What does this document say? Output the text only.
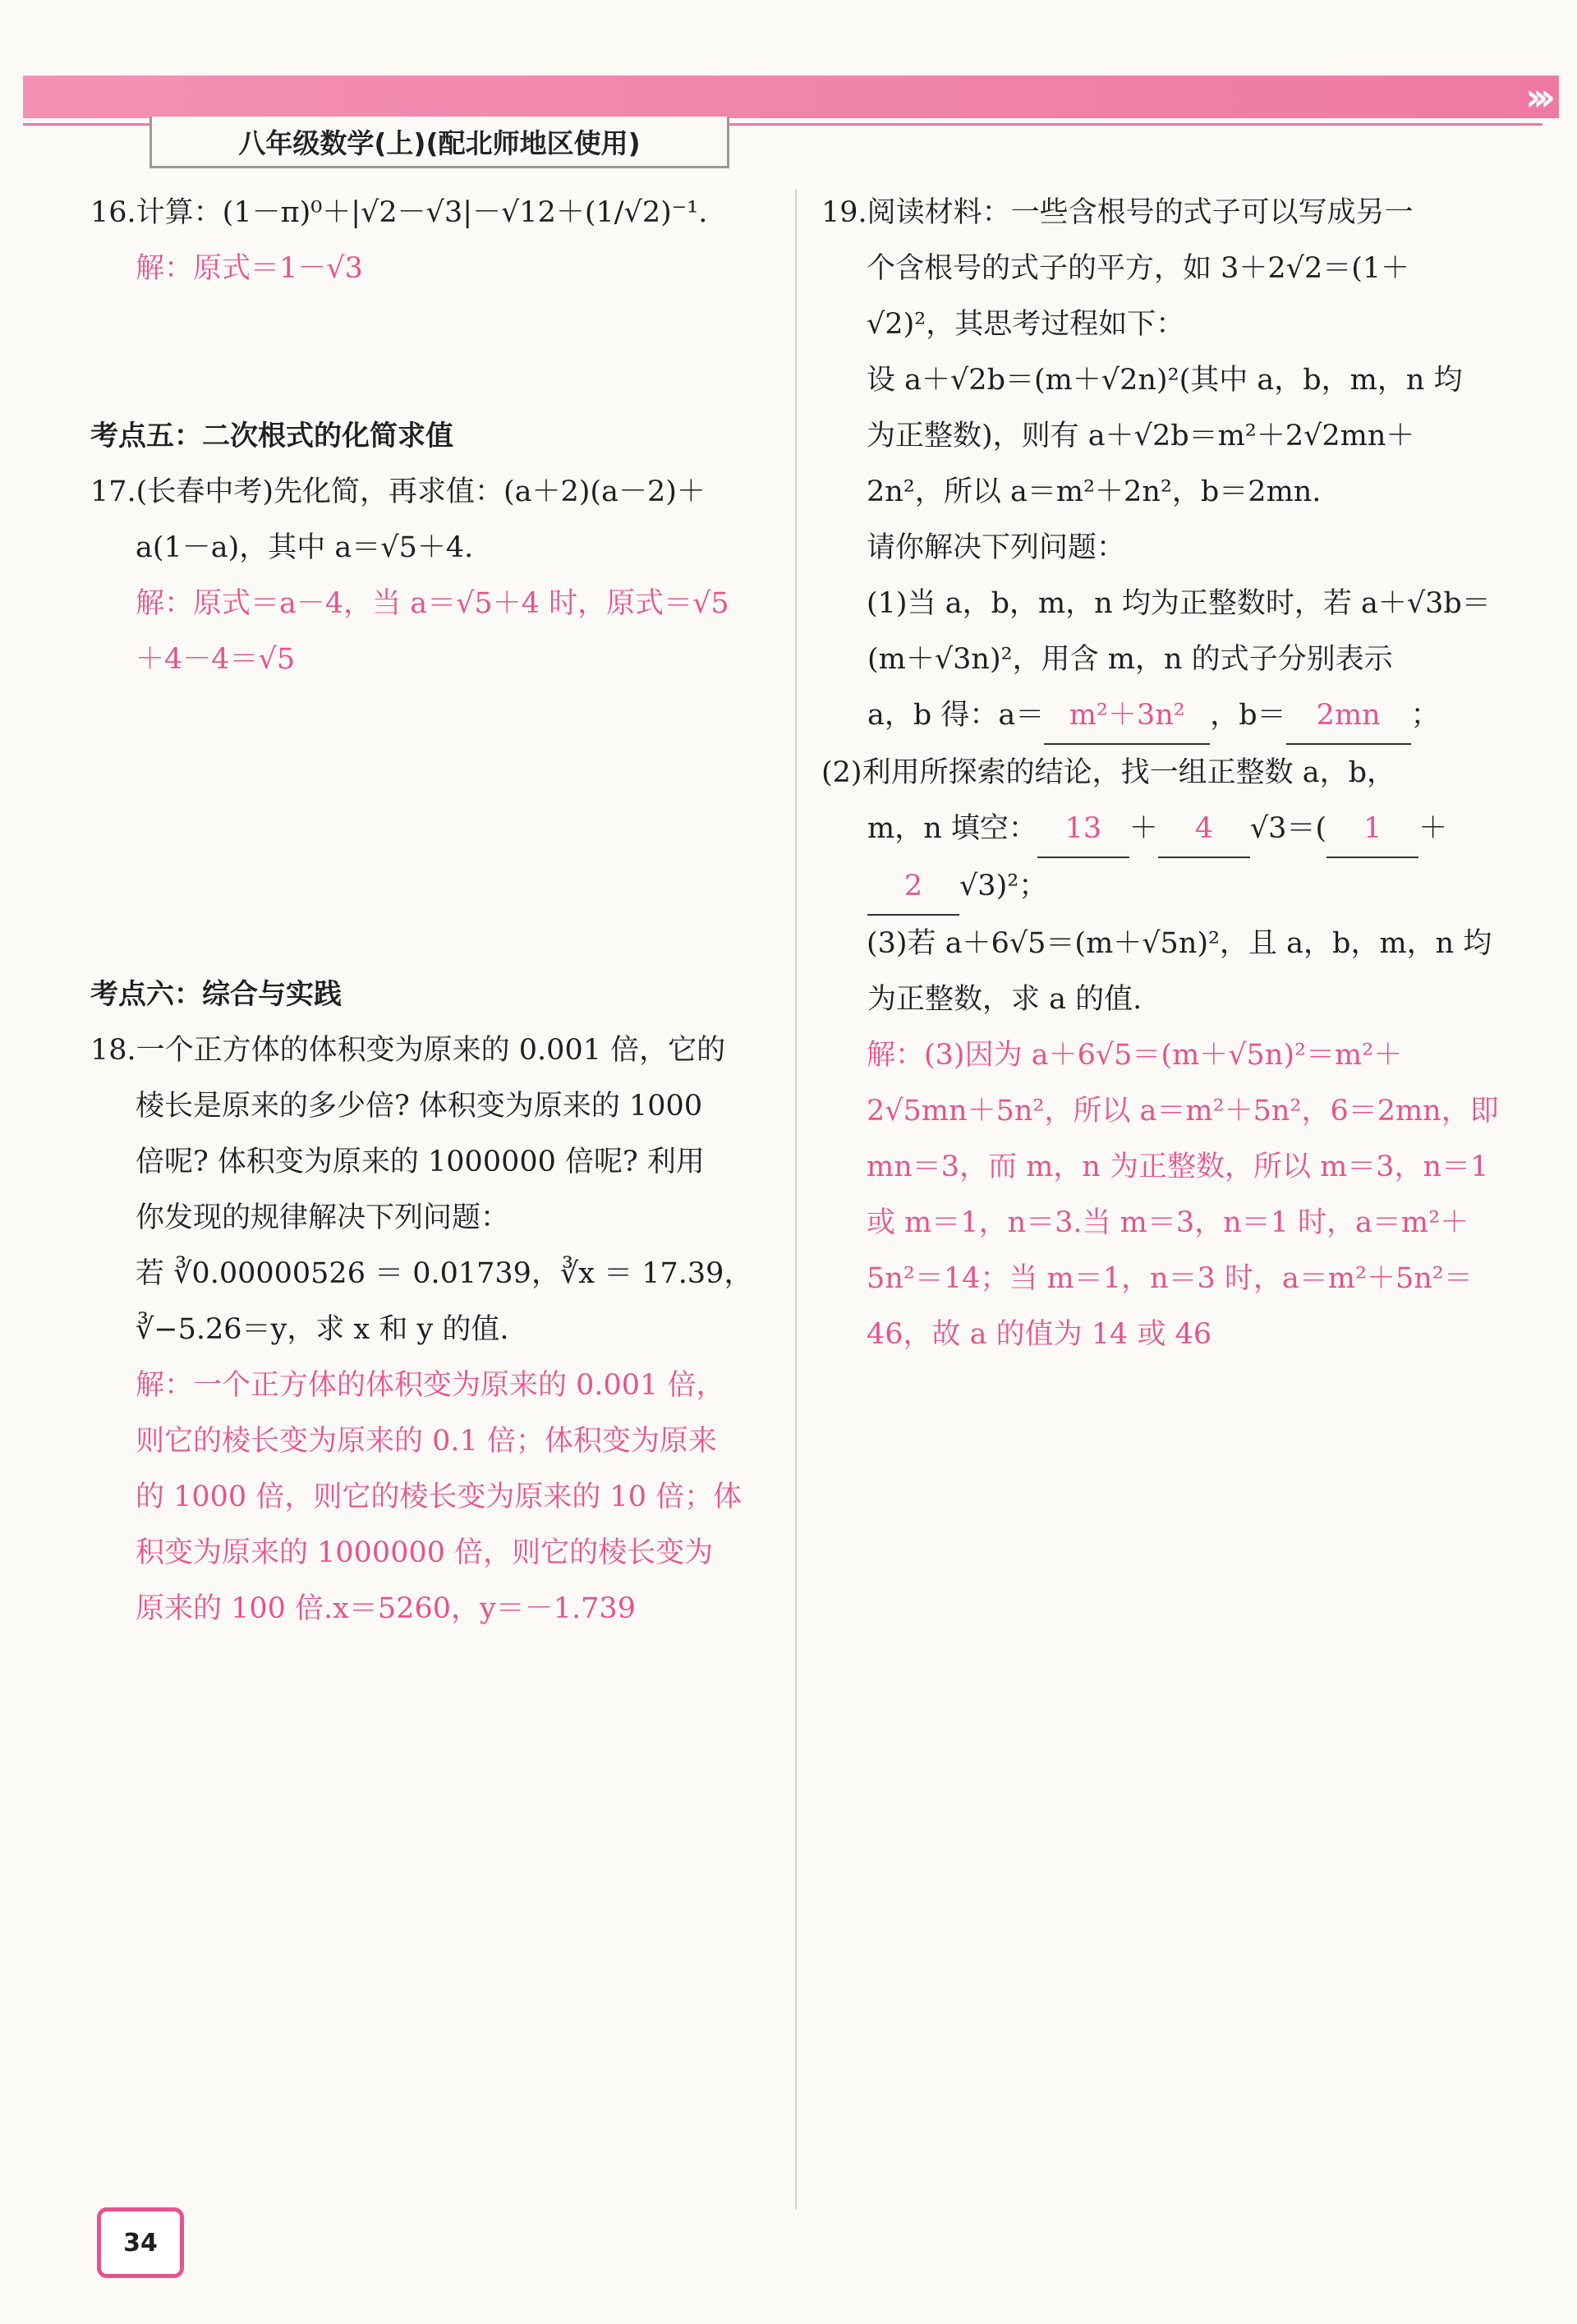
›››
八年级数学(上)(配北师地区使用)
16.计算：(1－π)⁰＋|√2－√3|－√12＋(1/√2)⁻¹.
解：原式＝1－√3

考点五：二次根式的化简求值
17.(长春中考)先化简，再求值：(a＋2)(a－2)＋
a(1－a)，其中 a＝√5＋4.
解：原式＝a－4，当 a＝√5＋4 时，原式＝√5
＋4－4＝√5

考点六：综合与实践
18.一个正方体的体积变为原来的 0.001 倍，它的
棱长是原来的多少倍? 体积变为原来的 1000
倍呢? 体积变为原来的 1000000 倍呢? 利用
你发现的规律解决下列问题：
若 ∛0.00000526 ＝ 0.01739，∛x ＝ 17.39，
∛−5.26＝y，求 x 和 y 的值.
解：一个正方体的体积变为原来的 0.001 倍，
则它的棱长变为原来的 0.1 倍；体积变为原来
的 1000 倍，则它的棱长变为原来的 10 倍；体
积变为原来的 1000000 倍，则它的棱长变为
原来的 100 倍.x＝5260，y＝－1.739
19.阅读材料：一些含根号的式子可以写成另一
个含根号的式子的平方，如 3＋2√2＝(1＋
√2)²，其思考过程如下：
设 a＋√2b＝(m＋√2n)²(其中 a，b，m，n 均
为正整数)，则有 a＋√2b＝m²＋2√2mn＋
2n²，所以 a＝m²＋2n²，b＝2mn.
请你解决下列问题：
(1)当 a，b，m，n 均为正整数时，若 a＋√3b＝
(m＋√3n)²，用含 m，n 的式子分别表示
a，b 得：a＝ m²＋3n² ，b＝ 2mn ；
(2)利用所探索的结论，找一组正整数 a，b，
m，n 填空： 13 ＋ 4 √3＝( 1 ＋
2 √3)²；
(3)若 a＋6√5＝(m＋√5n)²，且 a，b，m，n 均
为正整数，求 a 的值.
解：(3)因为 a＋6√5＝(m＋√5n)²＝m²＋
2√5mn＋5n²，所以 a＝m²＋5n²，6＝2mn，即
mn＝3，而 m，n 为正整数，所以 m＝3，n＝1
或 m＝1，n＝3.当 m＝3，n＝1 时，a＝m²＋
5n²＝14；当 m＝1，n＝3 时，a＝m²＋5n²＝
46，故 a 的值为 14 或 46
34
